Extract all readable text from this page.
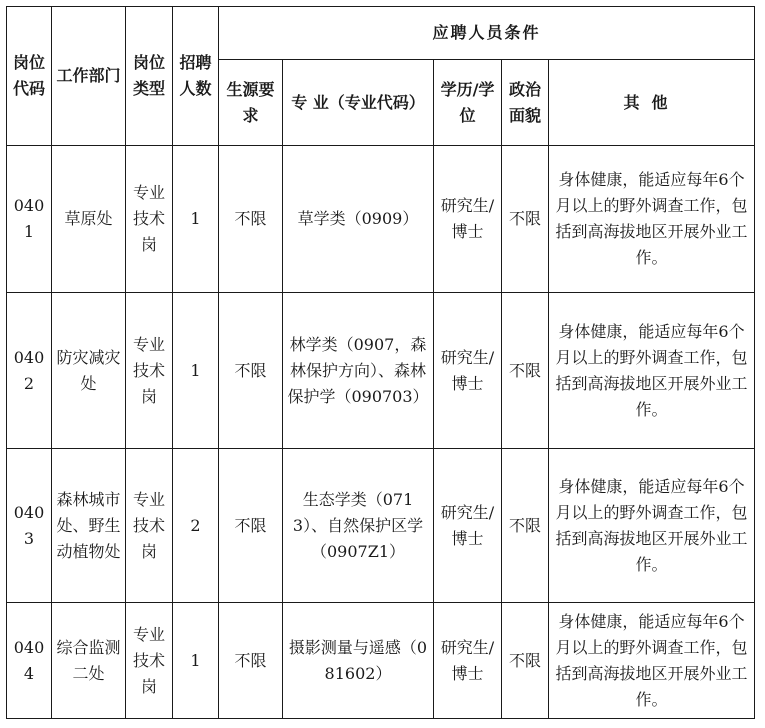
岗位代码	工作部门	岗位类型	招聘人数	应聘人员条件				
				生源要求	专 业（专业代码）	学历/学位	政治面貌	其他
0401	草原处	专业技术岗	1	不限	草学类（0909）	研究生/博士	不限	身体健康，能适应每年6个月以上的野外调查工作，包括到高海拔地区开展外业工作。
0402	防灾减灾处	专业技术岗	1	不限	林学类（0907，森林保护方向）、森林保护学（090703）	研究生/博士	不限	身体健康，能适应每年6个月以上的野外调查工作，包括到高海拔地区开展外业工作。
0403	森林城市处、野生动植物处	专业技术岗	2	不限	生态学类（0713）、自然保护区学（0907Z1）	研究生/博士	不限	身体健康，能适应每年6个月以上的野外调查工作，包括到高海拔地区开展外业工作。
0404	综合监测二处	专业技术岗	1	不限	摄影测量与遥感（081602）	研究生/博士	不限	身体健康，能适应每年6个月以上的野外调查工作，包括到高海拔地区开展外业工作。
